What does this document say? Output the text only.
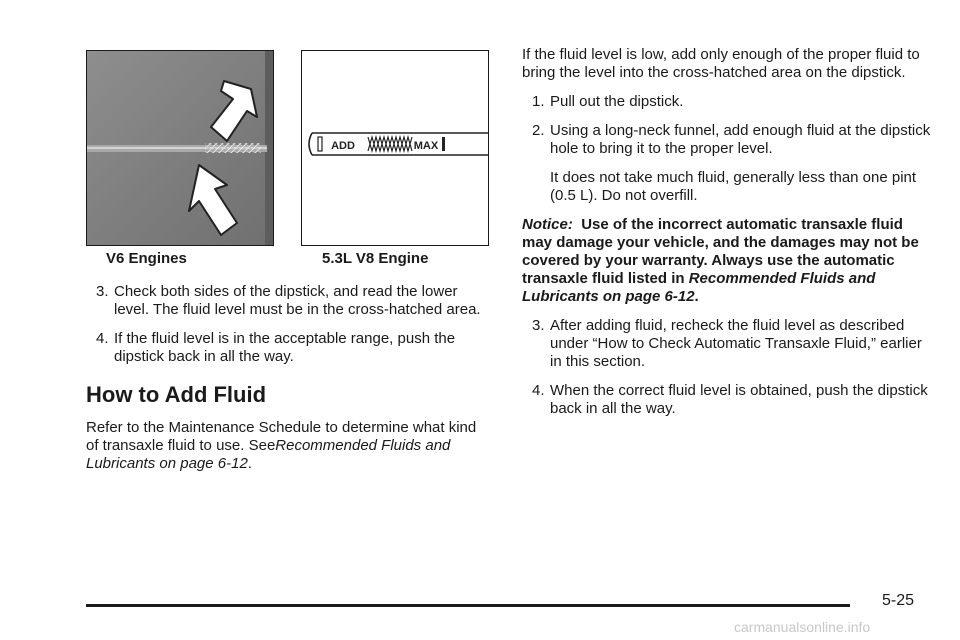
ADD	MAX
V6 Engines	5.3L V8 Engine
3. Check both sides of the dipstick, and read the lower level. The fluid level must be in the cross-hatched area.
4. If the fluid level is in the acceptable range, push the dipstick back in all the way.
How to Add Fluid

Refer to the Maintenance Schedule to determine what kind of transaxle fluid to use. SeeRecommended Fluids and Lubricants on page 6-12.

If the fluid level is low, add only enough of the proper fluid to bring the level into the cross-hatched area on the dipstick.

1. Pull out the dipstick.
2. Using a long-neck funnel, add enough fluid at the dipstick hole to bring it to the proper level.
It does not take much fluid, generally less than one pint (0.5 L). Do not overfill.

Notice: Use of the incorrect automatic transaxle fluid may damage your vehicle, and the damages may not be covered by your warranty. Always use the automatic transaxle fluid listed in Recommended Fluids and Lubricants on page 6-12.

3. After adding fluid, recheck the fluid level as described under “How to Check Automatic Transaxle Fluid,” earlier in this section.
4. When the correct fluid level is obtained, push the dipstick back in all the way.
5-25
carmanualsonline.info
